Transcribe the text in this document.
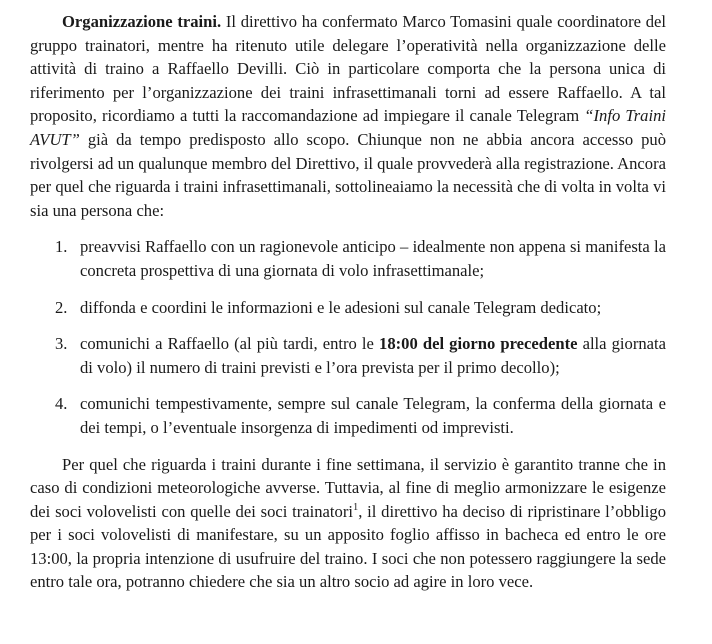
Organizzazione traini. Il direttivo ha confermato Marco Tomasini quale coordinatore del gruppo trainatori, mentre ha ritenuto utile delegare l’operatività nella organizzazione delle attività di traino a Raffaello Devilli. Ciò in particolare comporta che la persona unica di riferimento per l’organizzazione dei traini infrasettimanali torni ad essere Raffaello. A tal proposito, ricordiamo a tutti la raccomandazione ad impiegare il canale Telegram “Info Traini AVUT” già da tempo predisposto allo scopo. Chiunque non ne abbia ancora accesso può rivolgersi ad un qualunque membro del Direttivo, il quale provvederà alla registrazione. Ancora per quel che riguarda i traini infrasettimanali, sottolineaiamo la necessità che di volta in volta vi sia una persona che:

1. preavvisi Raffaello con un ragionevole anticipo – idealmente non appena si manifesta la concreta prospettiva di una giornata di volo infrasettimanale;
2. diffonda e coordini le informazioni e le adesioni sul canale Telegram dedicato;
3. comunichi a Raffaello (al più tardi, entro le 18:00 del giorno precedente alla giornata di volo) il numero di traini previsti e l’ora prevista per il primo decollo);
4. comunichi tempestivamente, sempre sul canale Telegram, la conferma della giornata e dei tempi, o l’eventuale insorgenza di impedimenti od imprevisti.

Per quel che riguarda i traini durante i fine settimana, il servizio è garantito tranne che in caso di condizioni meteorologiche avverse. Tuttavia, al fine di meglio armonizzare le esigenze dei soci volovelisti con quelle dei soci trainatori$^1$, il direttivo ha deciso di ripristinare l’obbligo per i soci volovelisti di manifestare, su un apposito foglio affisso in bacheca ed entro le ore 13:00, la propria intenzione di usufruire del traino. I soci che non potessero raggiungere la sede entro tale ora, potranno chiedere che sia un altro socio ad agire in loro vece.
